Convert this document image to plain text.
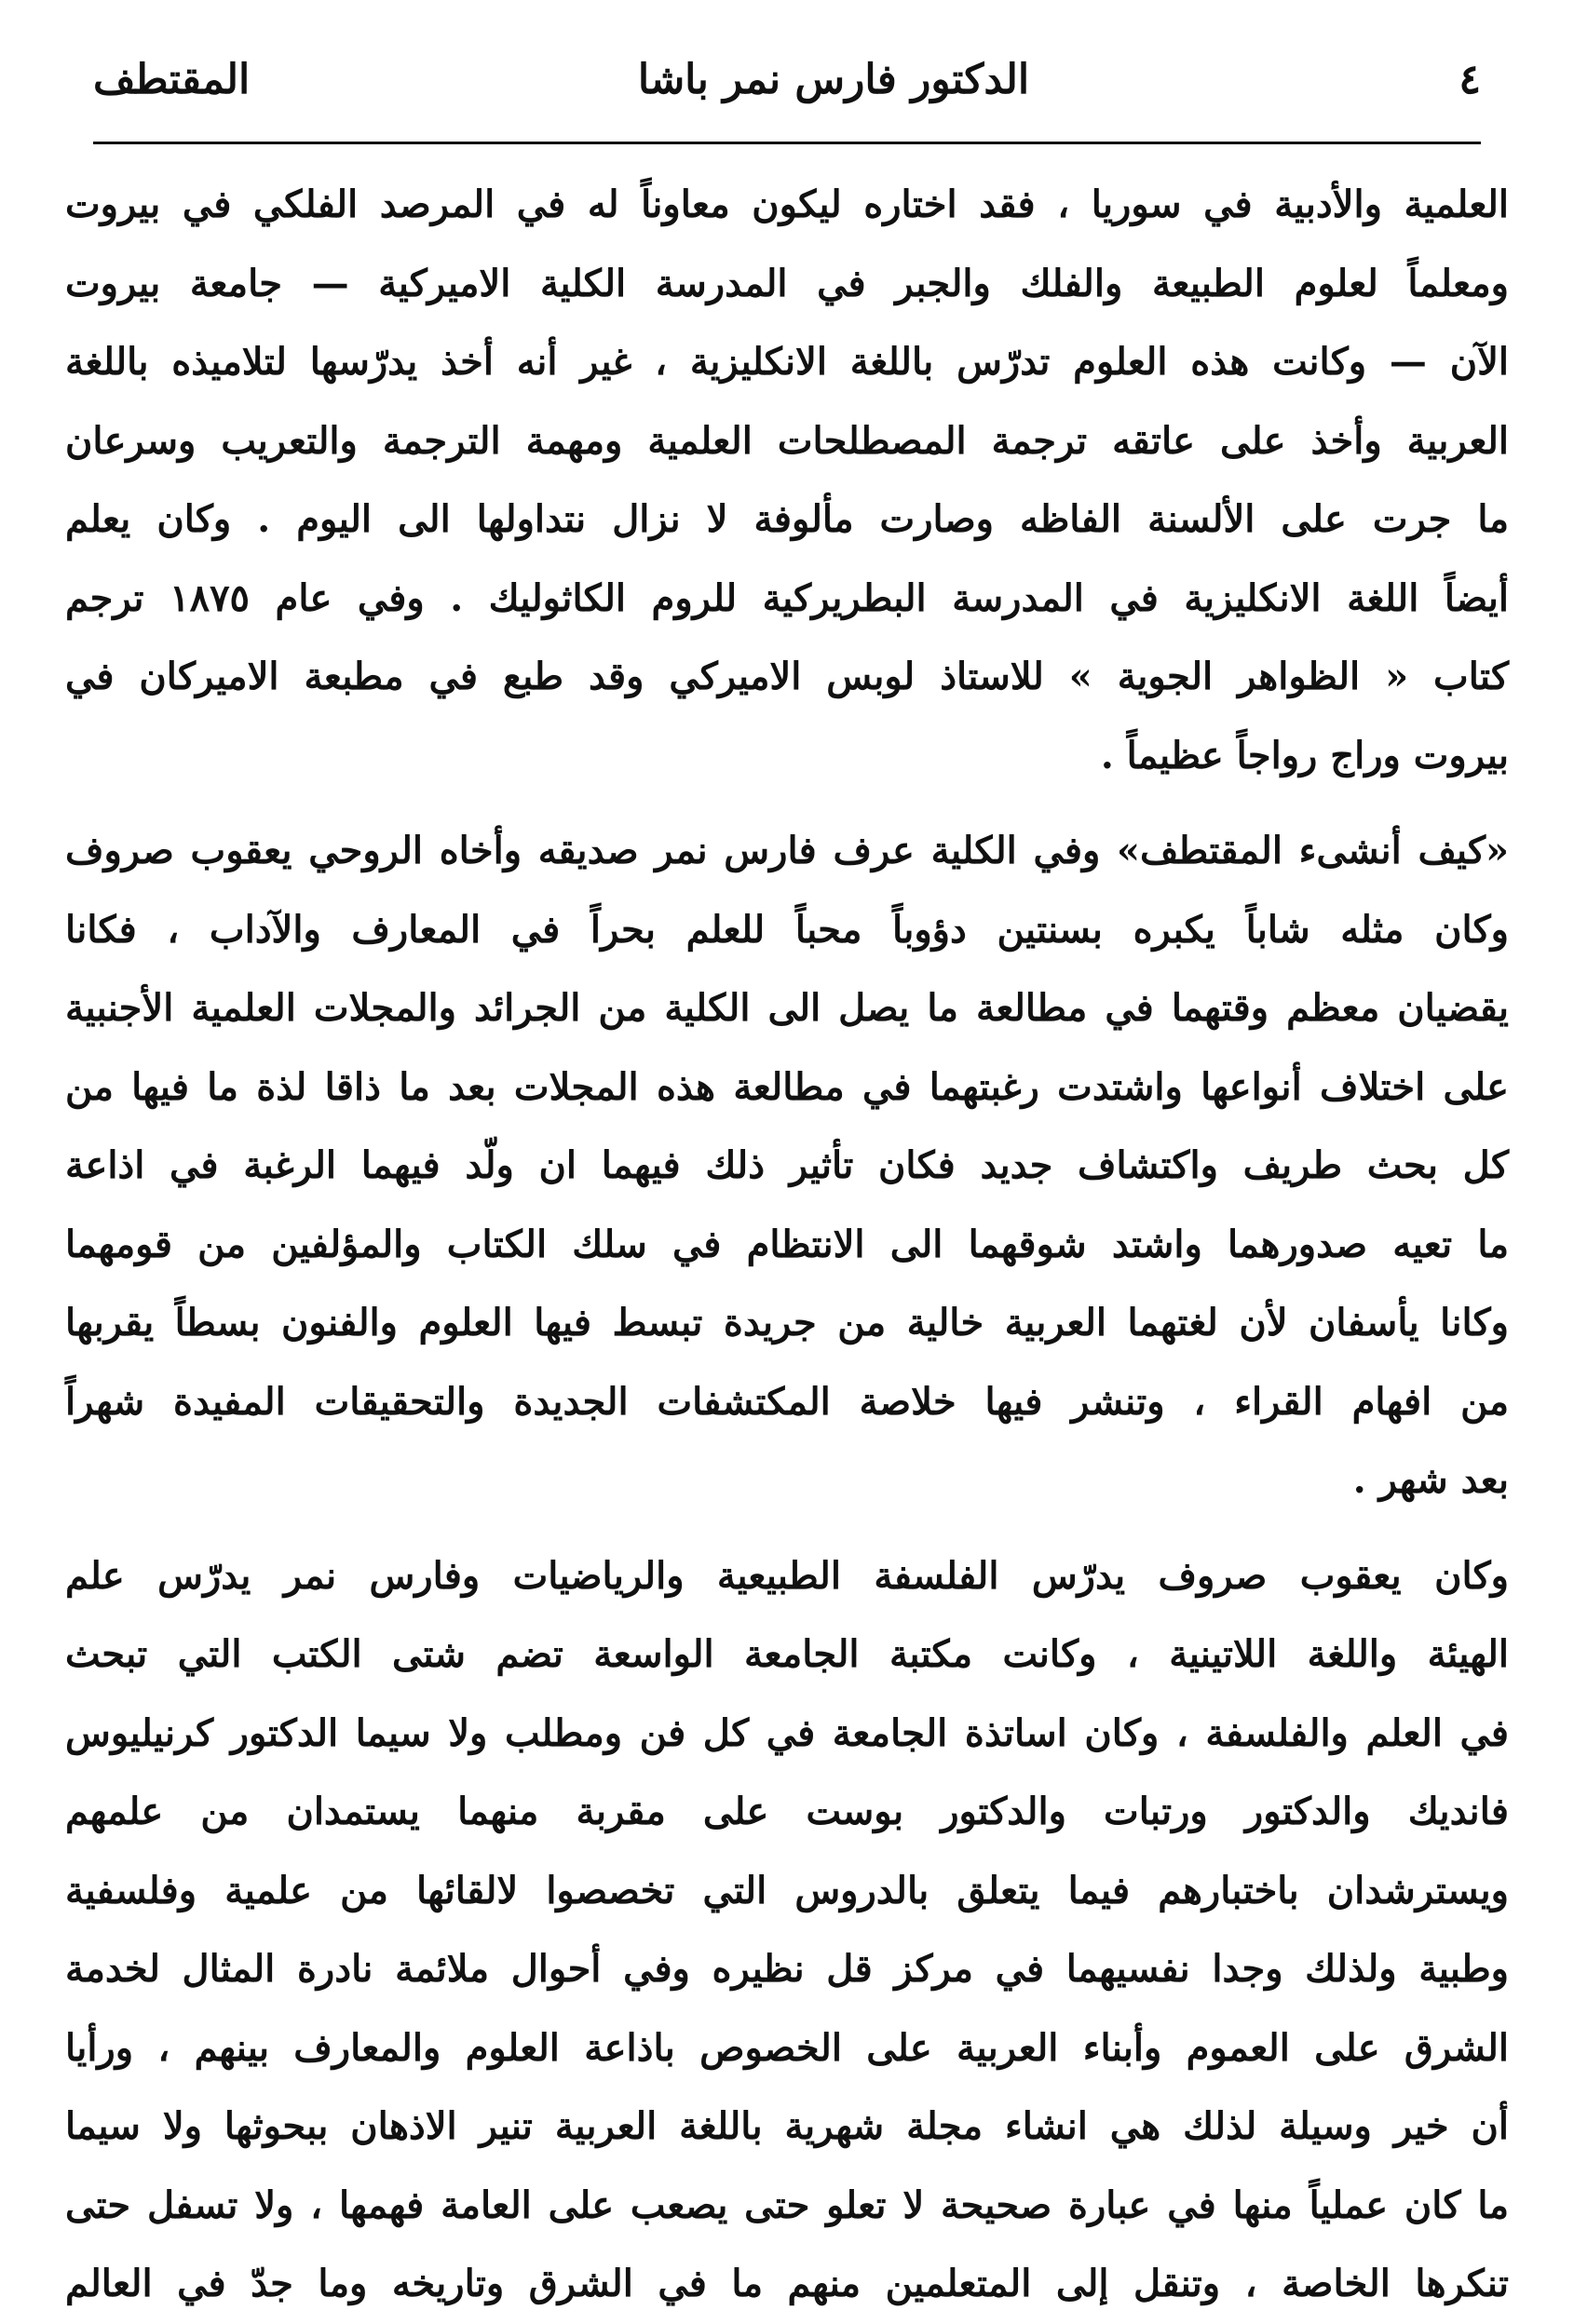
٤
الدكتور فارس نمر باشا
المقتطف

العلمية والأدبية في سوريا ، فقد اختاره ليكون معاوناً له في المرصد الفلكي في بيروت
ومعلماً لعلوم الطبيعة والفلك والجبر في المدرسة الكلية الاميركية — جامعة بيروت
الآن — وكانت هذه العلوم تدرّس باللغة الانكليزية ، غير أنه أخذ يدرّسها لتلاميذه باللغة
العربية وأخذ على عاتقه ترجمة المصطلحات العلمية ومهمة الترجمة والتعريب وسرعان
ما جرت على الألسنة الفاظه وصارت مألوفة لا نزال نتداولها الى اليوم . وكان يعلم
أيضاً اللغة الانكليزية في المدرسة البطريركية للروم الكاثوليك . وفي عام ١٨٧٥ ترجم
كتاب « الظواهر الجوية » للاستاذ لوبس الاميركي وقد طبع في مطبعة الاميركان في
بيروت وراج رواجاً عظيماً .

«كيف أنشىء المقتطف» وفي الكلية عرف فارس نمر صديقه وأخاه الروحي يعقوب صروف
وكان مثله شاباً يكبره بسنتين دؤوباً محباً للعلم بحراً في المعارف والآداب ، فكانا
يقضيان معظم وقتهما في مطالعة ما يصل الى الكلية من الجرائد والمجلات العلمية الأجنبية
على اختلاف أنواعها واشتدت رغبتهما في مطالعة هذه المجلات بعد ما ذاقا لذة ما فيها من
كل بحث طريف واكتشاف جديد فكان تأثير ذلك فيهما ان ولّد فيهما الرغبة في اذاعة
ما تعيه صدورهما واشتد شوقهما الى الانتظام في سلك الكتاب والمؤلفين من قومهما
وكانا يأسفان لأن لغتهما العربية خالية من جريدة تبسط فيها العلوم والفنون بسطاً يقربها
من افهام القراء ، وتنشر فيها خلاصة المكتشفات الجديدة والتحقيقات المفيدة شهراً
بعد شهر .

وكان يعقوب صروف يدرّس الفلسفة الطبيعية والرياضيات وفارس نمر يدرّس علم
الهيئة واللغة اللاتينية ، وكانت مكتبة الجامعة الواسعة تضم شتى الكتب التي تبحث
في العلم والفلسفة ، وكان اساتذة الجامعة في كل فن ومطلب ولا سيما الدكتور كرنيليوس
فانديك والدكتور ورتبات والدكتور بوست على مقربة منهما يستمدان من علمهم
ويسترشدان باختبارهم فيما يتعلق بالدروس التي تخصصوا لالقائها من علمية وفلسفية
وطبية ولذلك وجدا نفسيهما في مركز قل نظيره وفي أحوال ملائمة نادرة المثال لخدمة
الشرق على العموم وأبناء العربية على الخصوص باذاعة العلوم والمعارف بينهم ، ورأيا
أن خير وسيلة لذلك هي انشاء مجلة شهرية باللغة العربية تنير الاذهان ببحوثها ولا سيما
ما كان عملياً منها في عبارة صحيحة لا تعلو حتى يصعب على العامة فهمها ، ولا تسفل حتى
تنكرها الخاصة ، وتنقل إلى المتعلمين منهم ما في الشرق وتاريخه وما جدّ في العالم
